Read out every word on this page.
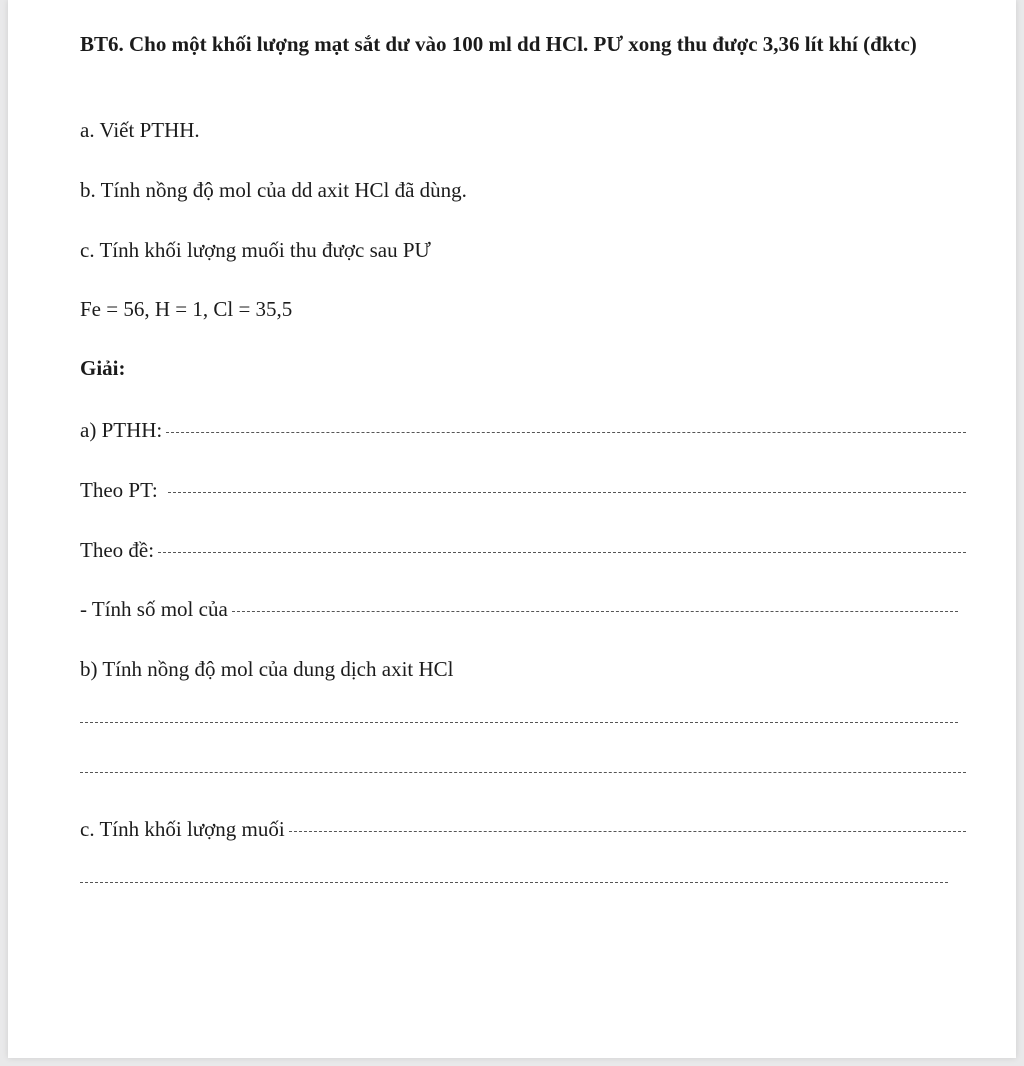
BT6. Cho một khối lượng mạt sắt dư vào 100 ml dd HCl. PƯ xong thu được 3,36 lít khí (đktc)
a. Viết PTHH.
b. Tính nồng độ mol của dd axit HCl đã dùng.
c. Tính khối lượng muối thu được sau PƯ
Fe = 56, H = 1, Cl = 35,5
Giải:
a) PTHH:
Theo PT:
Theo đề:
- Tính số mol của
b) Tính nồng độ mol của dung dịch axit HCl
c. Tính khối lượng muối
